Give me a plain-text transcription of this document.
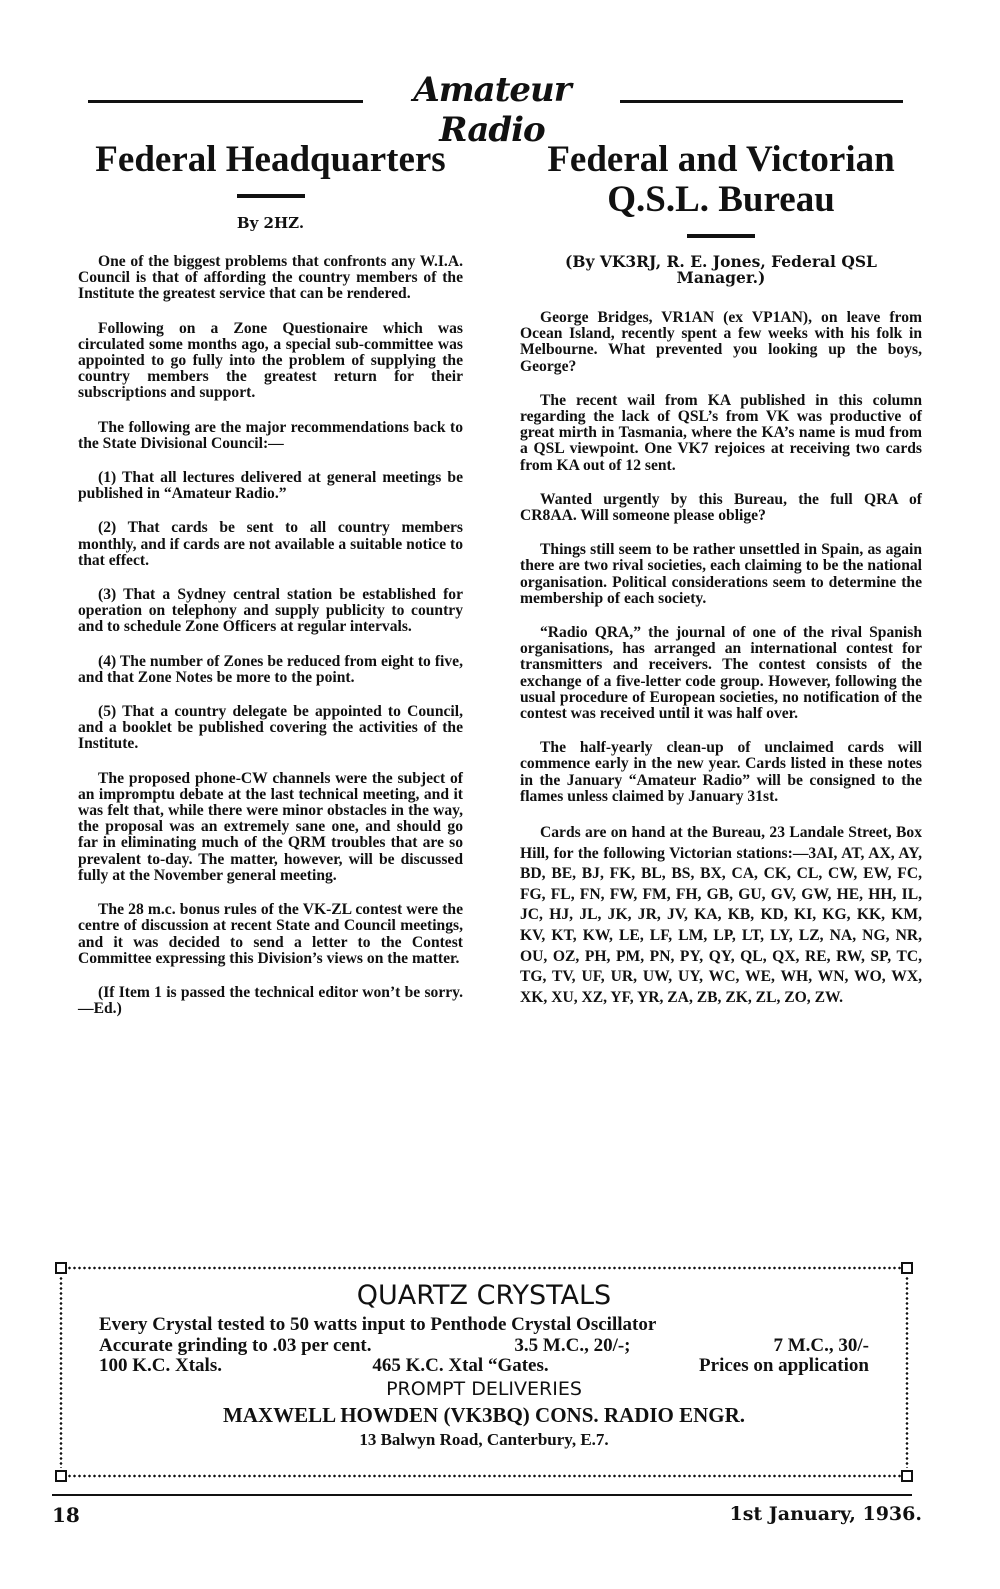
Amateur Radio
Federal Headquarters
By 2HZ.

One of the biggest problems that confronts any W.I.A. Council is that of affording the country members of the Institute the greatest service that can be rendered.

Following on a Zone Questionaire which was circulated some months ago, a special sub-committee was appointed to go fully into the problem of supplying the country members the greatest return for their subscriptions and support.

The following are the major recommendations back to the State Divisional Council:—

(1) That all lectures delivered at general meetings be published in “Amateur Radio.”

(2) That cards be sent to all country members monthly, and if cards are not available a suitable notice to that effect.

(3) That a Sydney central station be established for operation on telephony and supply publicity to country and to schedule Zone Officers at regular intervals.

(4) The number of Zones be reduced from eight to five, and that Zone Notes be more to the point.

(5) That a country delegate be appointed to Council, and a booklet be published covering the activities of the Institute.

The proposed phone-CW channels were the subject of an impromptu debate at the last technical meeting, and it was felt that, while there were minor obstacles in the way, the proposal was an extremely sane one, and should go far in eliminating much of the QRM troubles that are so prevalent to-day. The matter, however, will be discussed fully at the November general meeting.

The 28 m.c. bonus rules of the VK-ZL contest were the centre of discussion at recent State and Council meetings, and it was decided to send a letter to the Contest Committee expressing this Division’s views on the matter.

(If Item 1 is passed the technical editor won’t be sorry.—Ed.)

Federal and Victorian Q.S.L. Bureau
(By VK3RJ, R. E. Jones, Federal QSL Manager.)

George Bridges, VR1AN (ex VP1AN), on leave from Ocean Island, recently spent a few weeks with his folk in Melbourne. What prevented you looking up the boys, George?

The recent wail from KA published in this column regarding the lack of QSL’s from VK was productive of great mirth in Tasmania, where the KA’s name is mud from a QSL viewpoint. One VK7 rejoices at receiving two cards from KA out of 12 sent.

Wanted urgently by this Bureau, the full QRA of CR8AA. Will someone please oblige?

Things still seem to be rather unsettled in Spain, as again there are two rival societies, each claiming to be the national organisation. Political considerations seem to determine the membership of each society.

“Radio QRA,” the journal of one of the rival Spanish organisations, has arranged an international contest for transmitters and receivers. The contest consists of the exchange of a five-letter code group. However, following the usual procedure of European societies, no notification of the contest was received until it was half over.

The half-yearly clean-up of unclaimed cards will commence early in the new year. Cards listed in these notes in the January “Amateur Radio” will be consigned to the flames unless claimed by January 31st.

Cards are on hand at the Bureau, 23 Landale Street, Box Hill, for the following Victorian stations:—3AI, AT, AX, AY, BD, BE, BJ, FK, BL, BS, BX, CA, CK, CL, CW, EW, FC, FG, FL, FN, FW, FM, FH, GB, GU, GV, GW, HE, HH, IL, JC, HJ, JL, JK, JR, JV, KA, KB, KD, KI, KG, KK, KM, KV, KT, KW, LE, LF, LM, LP, LT, LY, LZ, NA, NG, NR, OU, OZ, PH, PM, PN, PY, QY, QL, QX, RE, RW, SP, TC, TG, TV, UF, UR, UW, UY, WC, WE, WH, WN, WO, WX, XK, XU, XZ, YF, YR, ZA, ZB, ZK, ZL, ZO, ZW.

QUARTZ CRYSTALS
Every Crystal tested to 50 watts input to Penthode Crystal Oscillator
Accurate grinding to .03 per cent.	3.5 M.C., 20/-;	7 M.C., 30/-
100 K.C. Xtals.	465 K.C. Xtal “Gates.	Prices on application
PROMPT DELIVERIES
MAXWELL HOWDEN (VK3BQ) CONS. RADIO ENGR.
13 Balwyn Road, Canterbury, E.7.
18	1st January, 1936.
